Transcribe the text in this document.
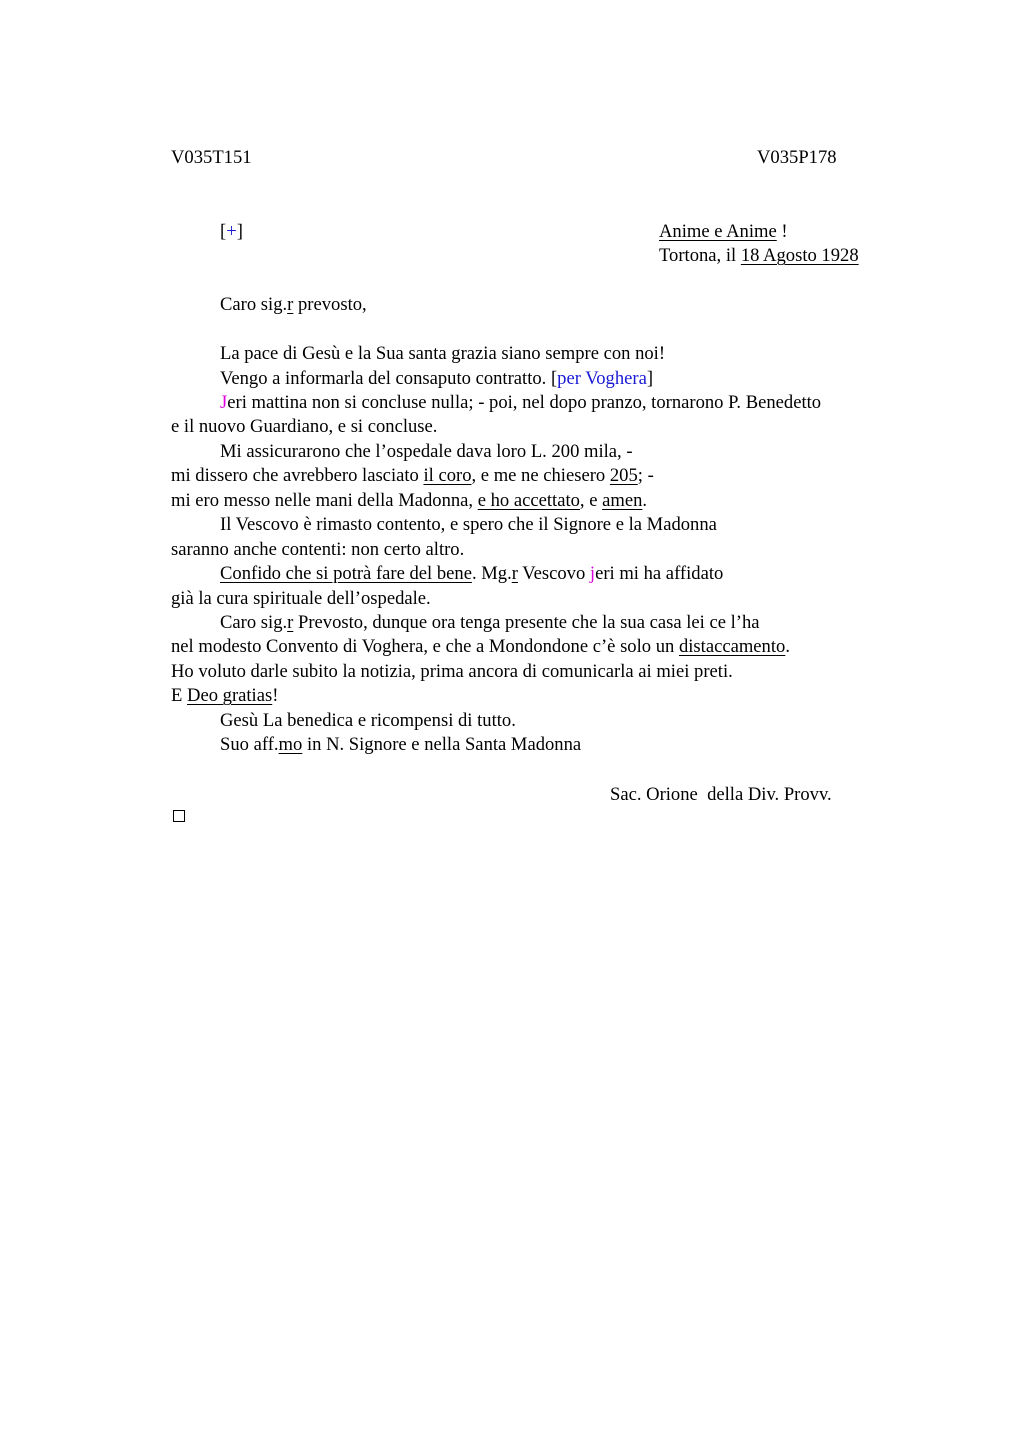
V035T151	V035P178
[+]	Anime e Anime !
Tortona, il 18 Agosto 1928
Caro sig.r prevosto,
La pace di Gesù e la Sua santa grazia siano sempre con noi!
Vengo a informarla del consaputo contratto. [per Voghera]
Jeri mattina non si concluse nulla; - poi, nel dopo pranzo, tornarono P. Benedetto
e il nuovo Guardiano, e si concluse.
Mi assicurarono che l’ospedale dava loro L. 200 mila, -
mi dissero che avrebbero lasciato il coro, e me ne chiesero 205; -
mi ero messo nelle mani della Madonna, e ho accettato, e amen.
Il Vescovo è rimasto contento, e spero che il Signore e la Madonna
saranno anche contenti: non certo altro.
Confido che si potrà fare del bene. Mg.r Vescovo jeri mi ha affidato
già la cura spirituale dell’ospedale.
Caro sig.r Prevosto, dunque ora tenga presente che la sua casa lei ce l’ha
nel modesto Convento di Voghera, e che a Mondondone c’è solo un distaccamento.
Ho voluto darle subito la notizia, prima ancora di comunicarla ai miei preti.
E Deo gratias!
Gesù La benedica e ricompensi di tutto.
Suo aff.mo in N. Signore e nella Santa Madonna
Sac. Orione  della Div. Provv.
